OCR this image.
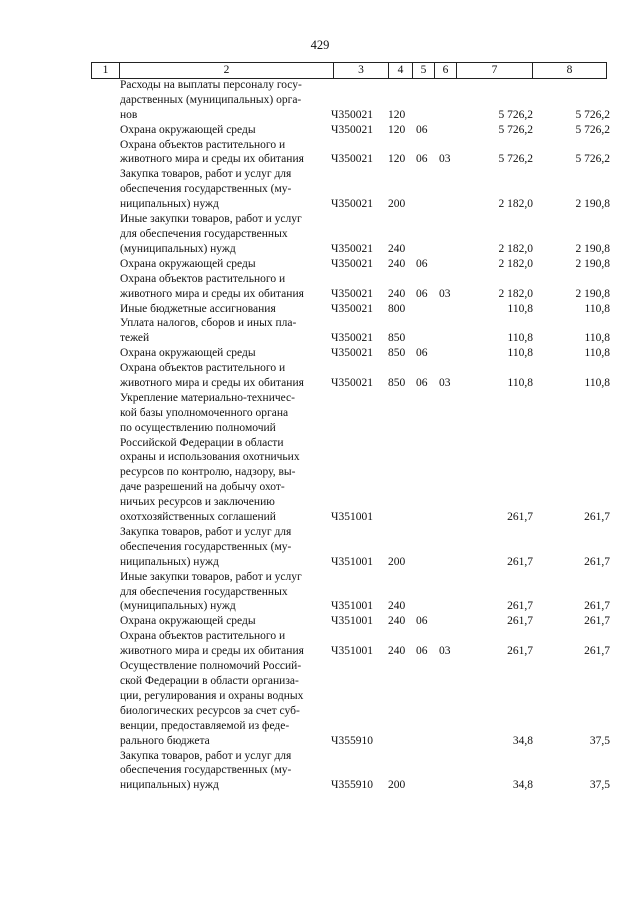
429
1	2	3	4	5	6	7	8
Расходы на выплаты персоналу госу-
дарственных (муниципальных) орга-
нов	Ч350021 120	5 726,2	5 726,2
Охрана окружающей среды	Ч350021 120 06	5 726,2	5 726,2
Охрана объектов растительного и
животного мира и среды их обитания	Ч350021 120 06 03	5 726,2	5 726,2
Закупка товаров, работ и услуг для
обеспечения государственных (му-
ниципальных) нужд	Ч350021 200	2 182,0	2 190,8
Иные закупки товаров, работ и услуг
для обеспечения государственных
(муниципальных) нужд	Ч350021 240	2 182,0	2 190,8
Охрана окружающей среды	Ч350021 240 06	2 182,0	2 190,8
Охрана объектов растительного и
животного мира и среды их обитания	Ч350021 240 06 03	2 182,0	2 190,8
Иные бюджетные ассигнования	Ч350021 800	110,8	110,8
Уплата налогов, сборов и иных пла-
тежей	Ч350021 850	110,8	110,8
Охрана окружающей среды	Ч350021 850 06	110,8	110,8
Охрана объектов растительного и
животного мира и среды их обитания	Ч350021 850 06 03	110,8	110,8
Укрепление материально-техничес-
кой базы уполномоченного органа
по осуществлению полномочий
Российской Федерации в области
охраны и использования охотничьих
ресурсов по контролю, надзору, вы-
даче разрешений на добычу охот-
ничьих ресурсов и заключению
охотхозяйственных соглашений	Ч351001	261,7	261,7
Закупка товаров, работ и услуг для
обеспечения государственных (му-
ниципальных) нужд	Ч351001 200	261,7	261,7
Иные закупки товаров, работ и услуг
для обеспечения государственных
(муниципальных) нужд	Ч351001 240	261,7	261,7
Охрана окружающей среды	Ч351001 240 06	261,7	261,7
Охрана объектов растительного и
животного мира и среды их обитания	Ч351001 240 06 03	261,7	261,7
Осуществление полномочий Россий-
ской Федерации в области организа-
ции, регулирования и охраны водных
биологических ресурсов за счет суб-
венции, предоставляемой из феде-
рального бюджета	Ч355910	34,8	37,5
Закупка товаров, работ и услуг для
обеспечения государственных (му-
ниципальных) нужд	Ч355910 200	34,8	37,5
